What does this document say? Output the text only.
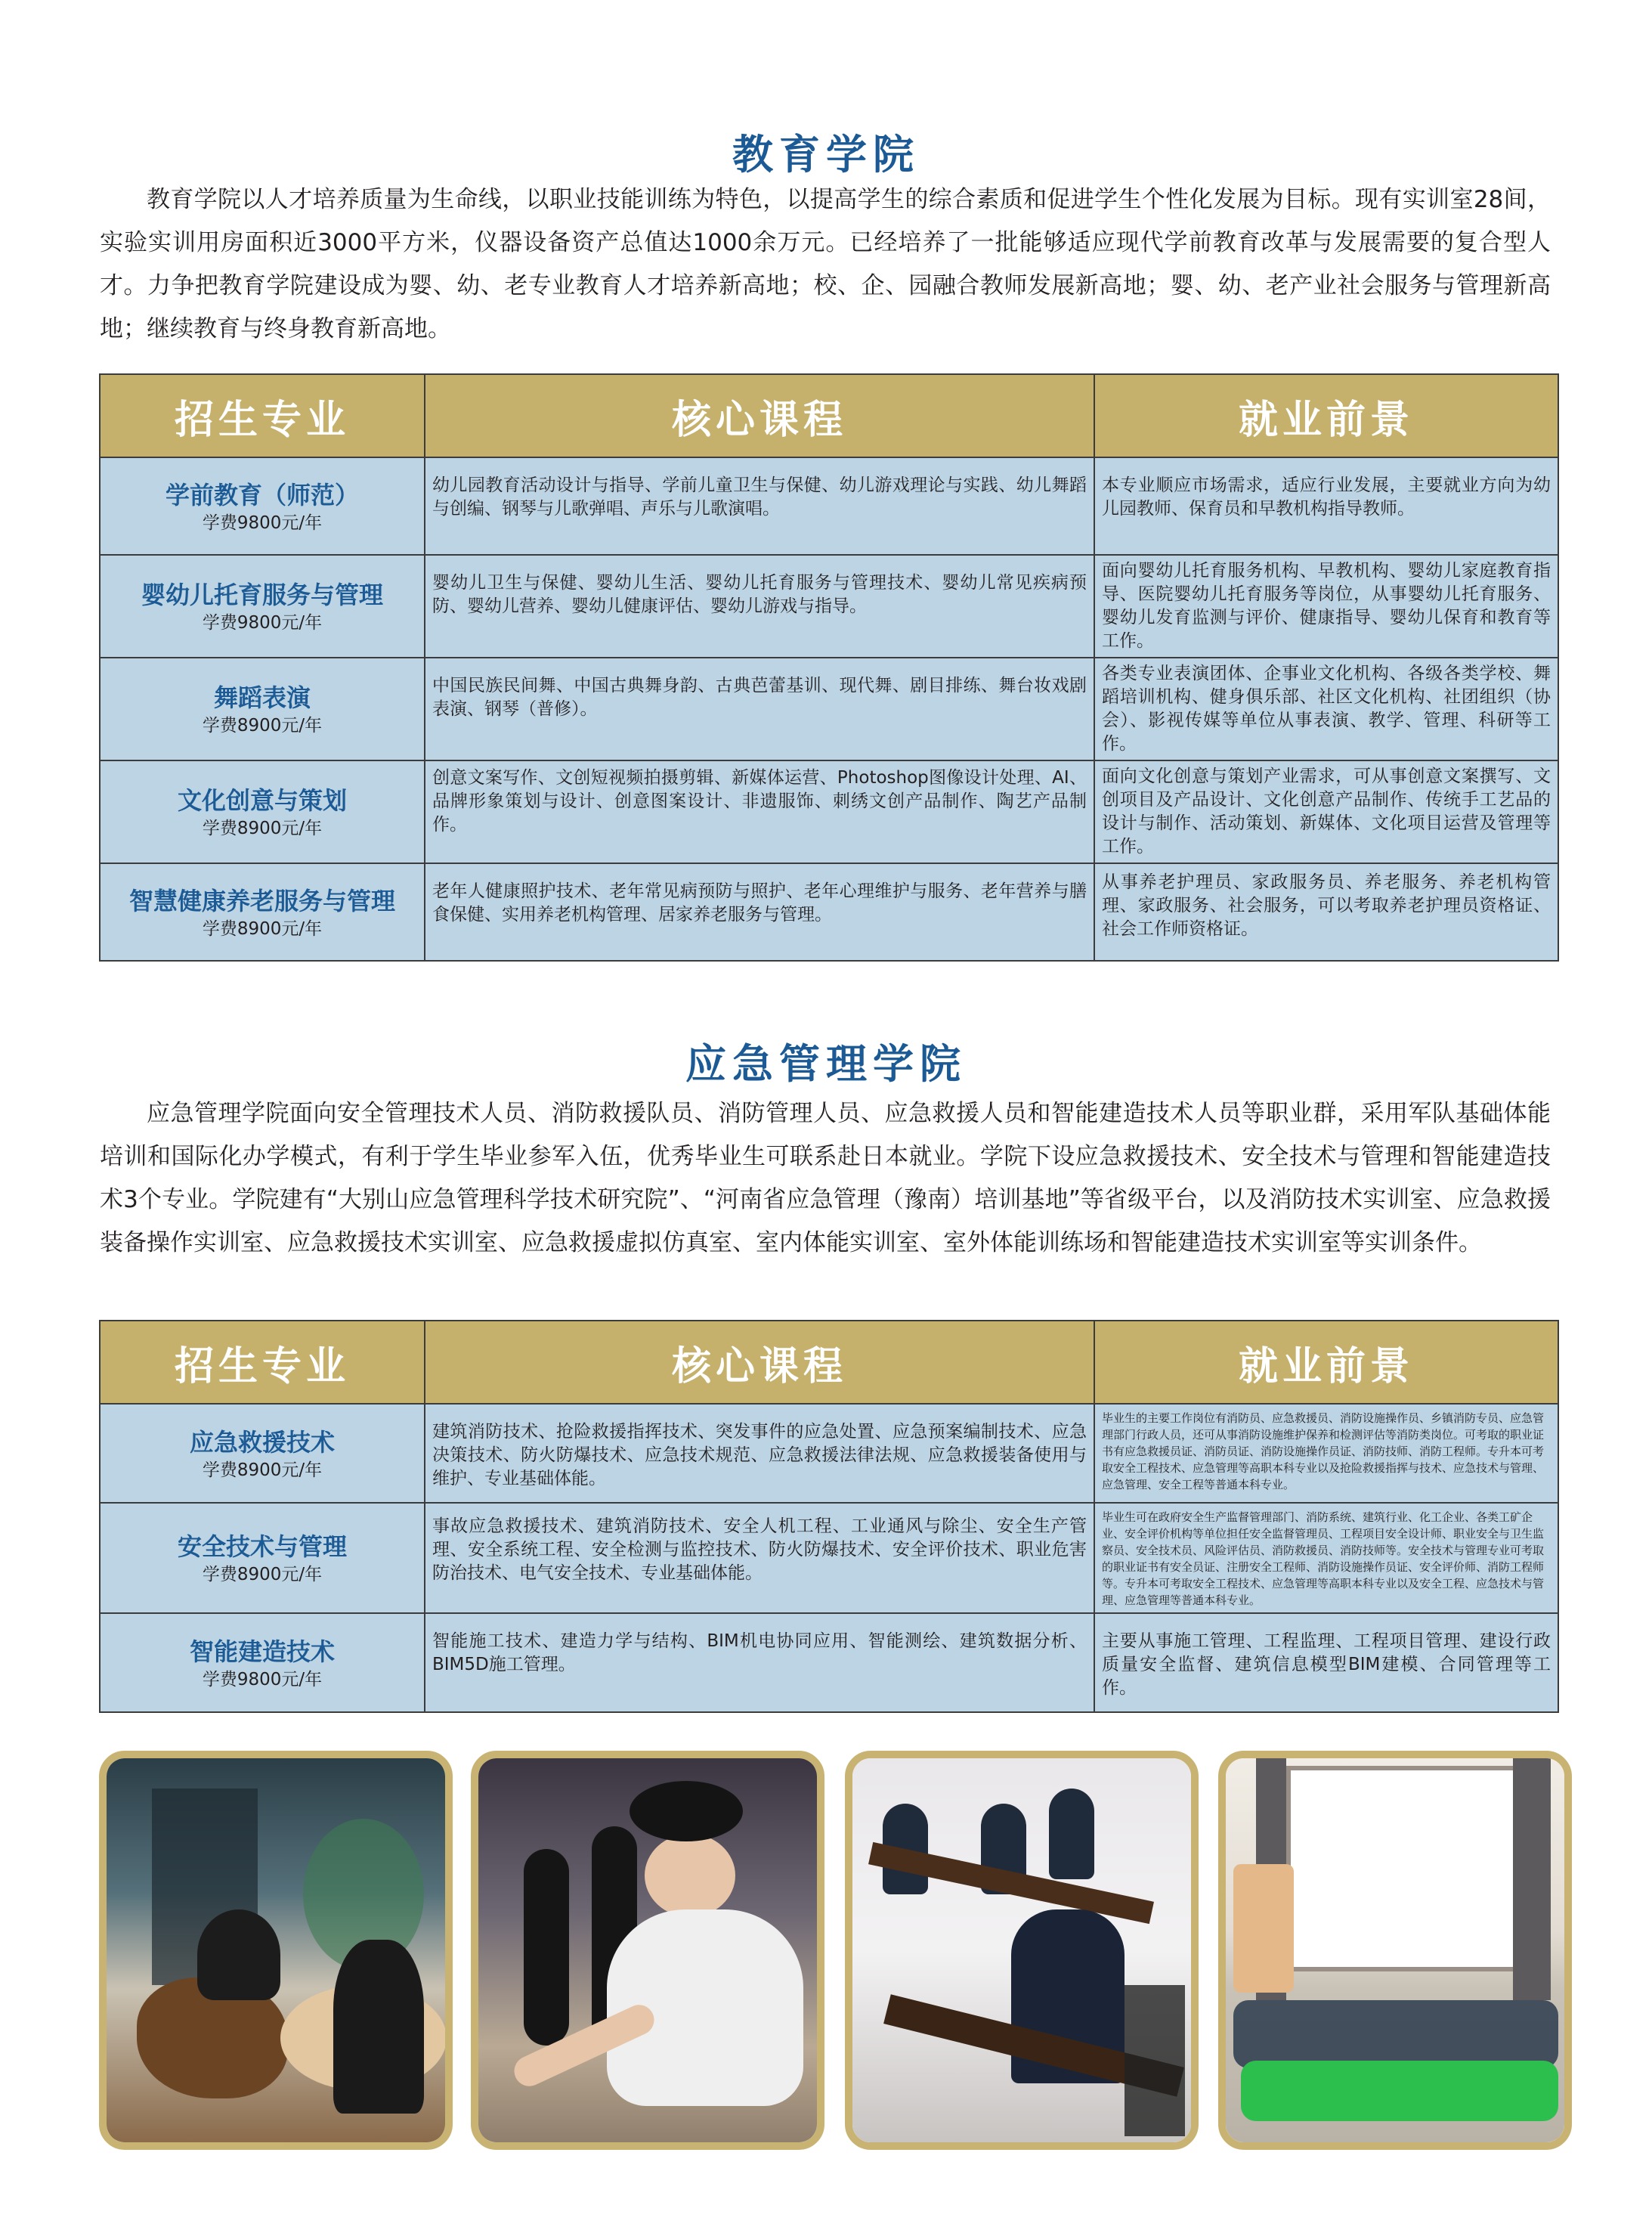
教育学院

教育学院以人才培养质量为生命线，以职业技能训练为特色，以提高学生的综合素质和促进学生个性化发展为目标。现有实训室28间，实验实训用房面积近3000平方米，仪器设备资产总值达1000余万元。已经培养了一批能够适应现代学前教育改革与发展需要的复合型人才。力争把教育学院建设成为婴、幼、老专业教育人才培养新高地；校、企、园融合教师发展新高地；婴、幼、老产业社会服务与管理新高地；继续教育与终身教育新高地。

招生专业	核心课程	就业前景

学前教育（师范）
学费9800元/年	幼儿园教育活动设计与指导、学前儿童卫生与保健、幼儿游戏理论与实践、幼儿舞蹈与创编、钢琴与儿歌弹唱、声乐与儿歌演唱。	本专业顺应市场需求，适应行业发展，主要就业方向为幼儿园教师、保育员和早教机构指导教师。

婴幼儿托育服务与管理
学费9800元/年	婴幼儿卫生与保健、婴幼儿生活、婴幼儿托育服务与管理技术、婴幼儿常见疾病预防、婴幼儿营养、婴幼儿健康评估、婴幼儿游戏与指导。	面向婴幼儿托育服务机构、早教机构、婴幼儿家庭教育指导、医院婴幼儿托育服务等岗位，从事婴幼儿托育服务、婴幼儿发育监测与评价、健康指导、婴幼儿保育和教育等工作。

舞蹈表演
学费8900元/年	中国民族民间舞、中国古典舞身韵、古典芭蕾基训、现代舞、剧目排练、舞台妆戏剧表演、钢琴（普修）。	各类专业表演团体、企事业文化机构、各级各类学校、舞蹈培训机构、健身俱乐部、社区文化机构、社团组织（协会）、影视传媒等单位从事表演、教学、管理、科研等工作。

文化创意与策划
学费8900元/年	创意文案写作、文创短视频拍摄剪辑、新媒体运营、Photoshop图像设计处理、AI、品牌形象策划与设计、创意图案设计、非遗服饰、刺绣文创产品制作、陶艺产品制作。	面向文化创意与策划产业需求，可从事创意文案撰写、文创项目及产品设计、文化创意产品制作、传统手工艺品的设计与制作、活动策划、新媒体、文化项目运营及管理等工作。

智慧健康养老服务与管理
学费8900元/年	老年人健康照护技术、老年常见病预防与照护、老年心理维护与服务、老年营养与膳食保健、实用养老机构管理、居家养老服务与管理。	从事养老护理员、家政服务员、养老服务、养老机构管理、家政服务、社会服务，可以考取养老护理员资格证、社会工作师资格证。
应急管理学院

应急管理学院面向安全管理技术人员、消防救援队员、消防管理人员、应急救援人员和智能建造技术人员等职业群，采用军队基础体能培训和国际化办学模式，有利于学生毕业参军入伍，优秀毕业生可联系赴日本就业。学院下设应急救援技术、安全技术与管理和智能建造技术3个专业。学院建有“大别山应急管理科学技术研究院”、“河南省应急管理（豫南）培训基地”等省级平台，以及消防技术实训室、应急救援装备操作实训室、应急救援技术实训室、应急救援虚拟仿真室、室内体能实训室、室外体能训练场和智能建造技术实训室等实训条件。

招生专业	核心课程	就业前景

应急救援技术
学费8900元/年	建筑消防技术、抢险救援指挥技术、突发事件的应急处置、应急预案编制技术、应急决策技术、防火防爆技术、应急技术规范、应急救援法律法规、应急救援装备使用与维护、专业基础体能。	毕业生的主要工作岗位有消防员、应急救援员、消防设施操作员、乡镇消防专员、应急管理部门行政人员，还可从事消防设施维护保养和检测评估等消防类岗位。可考取的职业证书有应急救援员证、消防员证、消防设施操作员证、消防技师、消防工程师。专升本可考取安全工程技术、应急管理等高职本科专业以及抢险救援指挥与技术、应急技术与管理、应急管理、安全工程等普通本科专业。

安全技术与管理
学费8900元/年	事故应急救援技术、建筑消防技术、安全人机工程、工业通风与除尘、安全生产管理、安全系统工程、安全检测与监控技术、防火防爆技术、安全评价技术、职业危害防治技术、电气安全技术、专业基础体能。	毕业生可在政府安全生产监督管理部门、消防系统、建筑行业、化工企业、各类工矿企业、安全评价机构等单位担任安全监督管理员、工程项目安全设计师、职业安全与卫生监察员、安全技术员、风险评估员、消防救援员、消防技师等。安全技术与管理专业可考取的职业证书有安全员证、注册安全工程师、消防设施操作员证、安全评价师、消防工程师等。专升本可考取安全工程技术、应急管理等高职本科专业以及安全工程、应急技术与管理、应急管理等普通本科专业。

智能建造技术
学费9800元/年	智能施工技术、建造力学与结构、BIM机电协同应用、智能测绘、建筑数据分析、BIM5D施工管理。	主要从事施工管理、工程监理、工程项目管理、建设行政质量安全监督、建筑信息模型BIM建模、合同管理等工作。
